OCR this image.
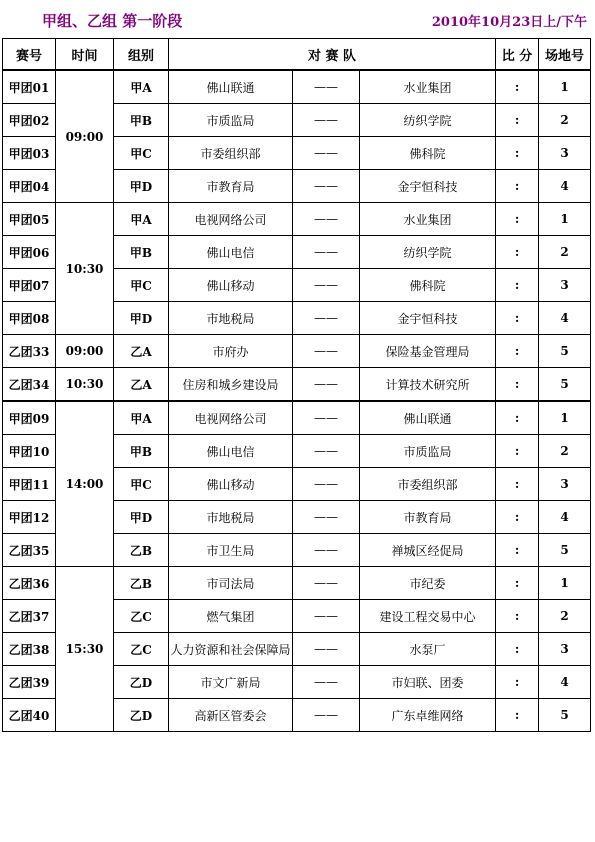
甲组、乙组 第一阶段	2010年10月23日上/下午
赛号	时间	组别	对 赛 队			比 分	场地号
甲团01	09:00	甲A	佛山联通	——	水业集团	:	1
甲团02		甲B	市质监局	——	纺织学院	:	2
甲团03		甲C	市委组织部	——	佛科院	:	3
甲团04		甲D	市教育局	——	金宇恒科技	:	4
甲团05	10:30	甲A	电视网络公司	——	水业集团	:	1
甲团06		甲B	佛山电信	——	纺织学院	:	2
甲团07		甲C	佛山移动	——	佛科院	:	3
甲团08		甲D	市地税局	——	金宇恒科技	:	4
乙团33	09:00	乙A	市府办	——	保险基金管理局	:	5
乙团34	10:30	乙A	住房和城乡建设局	——	计算技术研究所	:	5
甲团09	14:00	甲A	电视网络公司	——	佛山联通	:	1
甲团10		甲B	佛山电信	——	市质监局	:	2
甲团11		甲C	佛山移动	——	市委组织部	:	3
甲团12		甲D	市地税局	——	市教育局	:	4
乙团35		乙B	市卫生局	——	禅城区经促局	:	5
乙团36	15:30	乙B	市司法局	——	市纪委	:	1
乙团37		乙C	燃气集团	——	建设工程交易中心	:	2
乙团38		乙C	人力资源和社会保障局	——	水泵厂	:	3
乙团39		乙D	市文广新局	——	市妇联、团委	:	4
乙团40		乙D	高新区管委会	——	广东卓维网络	:	5
